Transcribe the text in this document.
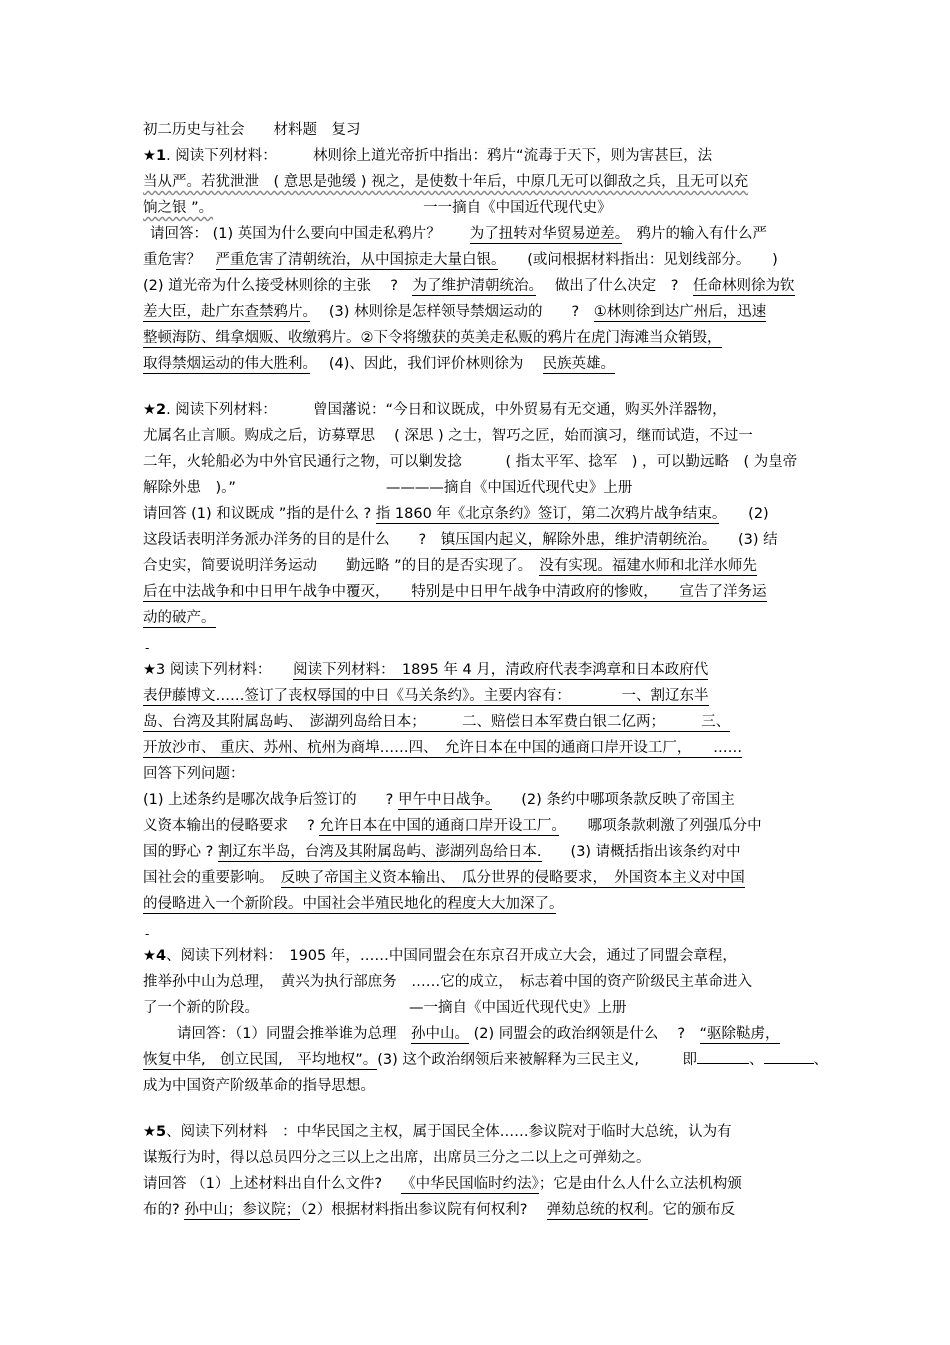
★2. 阅读下列材料：　　　曾国藩说：“今日和议既成，中外贸易有无交通，购买外洋器物，
初二历史与社会　　材料题　复习
★1. 阅读下列材料：　　　林则徐上道光帝折中指出：鸦片“流毒于天下，则为害甚巨，法
当从严。若犹泄泄　( 意思是弛缓 ) 视之，是使数十年后，中原几无可以御敌之兵，且无可以充
饷之银 ”。	一一摘自《中国近代现代史》
请回答： (1) 英国为什么要向中国走私鸦片？　　 为了扭转对华贸易逆差。　 鸦片的输入有什么严
重危害？　 严重危害了清朝统治，从中国掠走大量白银。　　 (或问根据材料指出：见划线部分。　　 )
(2) 道光帝为什么接受林则徐的主张　 ?　 为了维护清朝统治。　 做出了什么决定　?　 任命林则徐为钦
差大臣，赴广东查禁鸦片。　 (3) 林则徐是怎样领导禁烟运动的　　?　 ①林则徐到达广州后，迅速
整顿海防、缉拿烟贩、收缴鸦片。②下令将缴获的英美走私贩的鸦片在虎门海滩当众销毁，
取得禁烟运动的伟大胜利。　 (4)、因此，我们评价林则徐为　 民族英雄。
尤属名止言顺。购成之后，访募覃思　 ( 深思 ) 之士，智巧之匠，始而演习，继而试造，不过一
二年，火轮船必为中外官民通行之物，可以剿发捻　　　( 指太平军、捻军　) ，可以勤远略　( 为皇帝
解除外患　)。”	————摘自《中国近代现代史》上册
请回答 (1) 和议既成 ”指的是什么 ? 指 1860 年《北京条约》签订，第二次鸦片战争结束。　　 (2)
这段话表明洋务派办洋务的目的是什么　　?　 镇压国内起义，解除外患，维护清朝统治。　　 (3) 结
合史实，简要说明洋务运动　　勤远略 ”的目的是否实现了。　没有实现。福建水师和北洋水师先
后在中法战争和中日甲午战争中覆灭，　　特别是中日甲午战争中清政府的惨败，　　宣告了洋务运
动的破产。
-
★3 阅读下列材料：　　 阅读下列材料：　1895 年 4 月，清政府代表李鸿章和日本政府代
表伊藤博文……签订了丧权辱国的中日《马关条约》。主要内容有：　　　　一、割辽东半
岛、台湾及其附属岛屿、　澎湖列岛给日本；　　　二、赔偿日本军费白银二亿两；　　　三、
开放沙市、 重庆、苏州、杭州为商埠……四、　允许日本在中国的通商口岸开设工厂，　　……
回答下列问题：
(1) 上述条约是哪次战争后签订的　　? 甲午中日战争。　　 (2) 条约中哪项条款反映了帝国主
义资本输出的侵略要求　 ? 允许日本在中国的通商口岸开设工厂。　　 哪项条款刺激了列强瓜分中
国的野心 ? 割辽东半岛，台湾及其附属岛屿、澎湖列岛给日本.　　 (3) 请概括指出该条约对中
国社会的重要影响。　 反映了帝国主义资本输出、　瓜分世界的侵略要求，　外国资本主义对中国
的侵略进入一个新阶段。中国社会半殖民地化的程度大大加深了。　　　　
-
★4、阅读下列材料：　1905 年，……中国同盟会在东京召开成立大会，通过了同盟会章程，
推举孙中山为总理，　黄兴为执行部庶务　……它的成立，　标志着中国的资产阶级民主革命进入
了一个新的阶段。	—一摘自《中国近代现代史》上册
请回答：（1）同盟会推举谁为总理　 孙中山。 (2) 同盟会的政治纲领是什么　 ?　 “驱除鞑虏，
恢复中华,　创立民国,　平均地权”。(3) 这个政治纲领后来被解释为三民主义,　　　即	、	、
成为中国资产阶级革命的指导思想。
★5、阅读下列材料　：中华民国之主权，属于国民全体……参议院对于临时大总统，认为有
谋叛行为时，得以总员四分之三以上之出席，出席员三分之二以上之可弹劾之。
请回答 （1）上述材料出自什么文件?　 《中华民国临时约法》；它是由什么人什么立法机构颁
布的? 孙中山；参议院；（2）根据材料指出参议院有何权利?　 弹劾总统的权利。它的颁布反
